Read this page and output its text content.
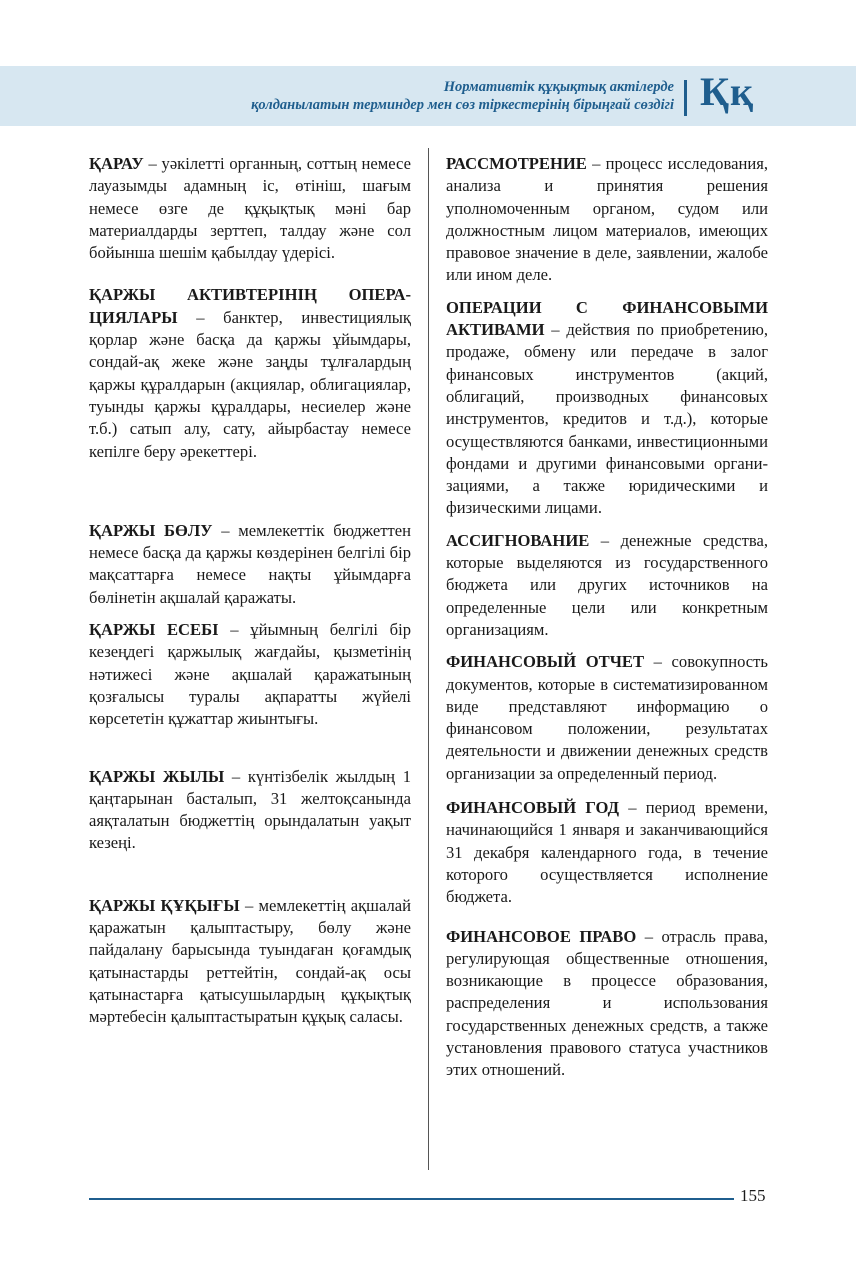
Нормативтік құқықтық актілерде
қолданылатын терминдер мен сөз тіркестерінің бірыңғай сөздігі Ққ

ҚАРАУ – уәкілетті органның, соттың немесе лауазымды адамның іс, өтініш, шағым немесе өзге де құқықтық мәні бар материалдарды зерттеп, талдау және сол бойынша шешім қабылдау үдерісі.

ҚАРЖЫ АКТИВТЕРІНІҢ ОПЕРАЦИЯЛАРЫ – банктер, инвестициялық қорлар және басқа да қаржы ұйымдары, сондай-ақ жеке және заңды тұлғалардың қаржы құралдарын (акциялар, облигациялар, туынды қаржы құралдары, несиелер және т.б.) сатып алу, сату, айырбастау немесе кепілге беру әрекеттері.

ҚАРЖЫ БӨЛУ – мемлекеттік бюджеттен немесе басқа да қаржы көздерінен белгілі бір мақсаттарға немесе нақты ұйымдарға бөлінетін ақшалай қаражаты.

ҚАРЖЫ ЕСЕБІ – ұйымның белгілі бір кезеңдегі қаржылық жағдайы, қызметінің нәтижесі және ақшалай қаражатының қозғалысы туралы ақпаратты жүйелі көрсететін құжаттар жиынтығы.

ҚАРЖЫ ЖЫЛЫ – күнтізбелік жылдың 1 қаңтарынан басталып, 31 желтоқсанында аяқталатын бюджеттің орындалатын уақыт кезеңі.

ҚАРЖЫ ҚҰҚЫҒЫ – мемлекеттің ақшалай қаражатын қалыптастыру, бөлу және пайдалану барысында туындаған қоғамдық қатынастарды реттейтін, сондай-ақ осы қатынастарға қатысушылардың құқықтық мәртебесін қалыптастыратын құқық саласы.

РАССМОТРЕНИЕ – процесс исследования, анализа и принятия решения уполномоченным органом, судом или должностным лицом материалов, имеющих правовое значение в деле, заявлении, жалобе или ином деле.

ОПЕРАЦИИ С ФИНАНСОВЫМИ АКТИВАМИ – действия по приобретению, продаже, обмену или передаче в залог финансовых инструментов (акций, облигаций, производных финансовых инструментов, кредитов и т.д.), которые осуществляются банками, инвестиционными фондами и другими финансовыми организациями, а также юридическими и физическими лицами.

АССИГНОВАНИЕ – денежные средства, которые выделяются из государственного бюджета или других источников на определенные цели или конкретным организациям.

ФИНАНСОВЫЙ ОТЧЕТ – совокупность документов, которые в систематизированном виде представляют информацию о финансовом положении, результатах деятельности и движении денежных средств организации за определенный период.

ФИНАНСОВЫЙ ГОД – период времени, начинающийся 1 января и заканчивающийся 31 декабря календарного года, в течение которого осуществляется исполнение бюджета.

ФИНАНСОВОЕ ПРАВО – отрасль права, регулирующая общественные отношения, возникающие в процессе образования, распределения и использования государственных денежных средств, а также установления правового статуса участников этих отношений.

155
